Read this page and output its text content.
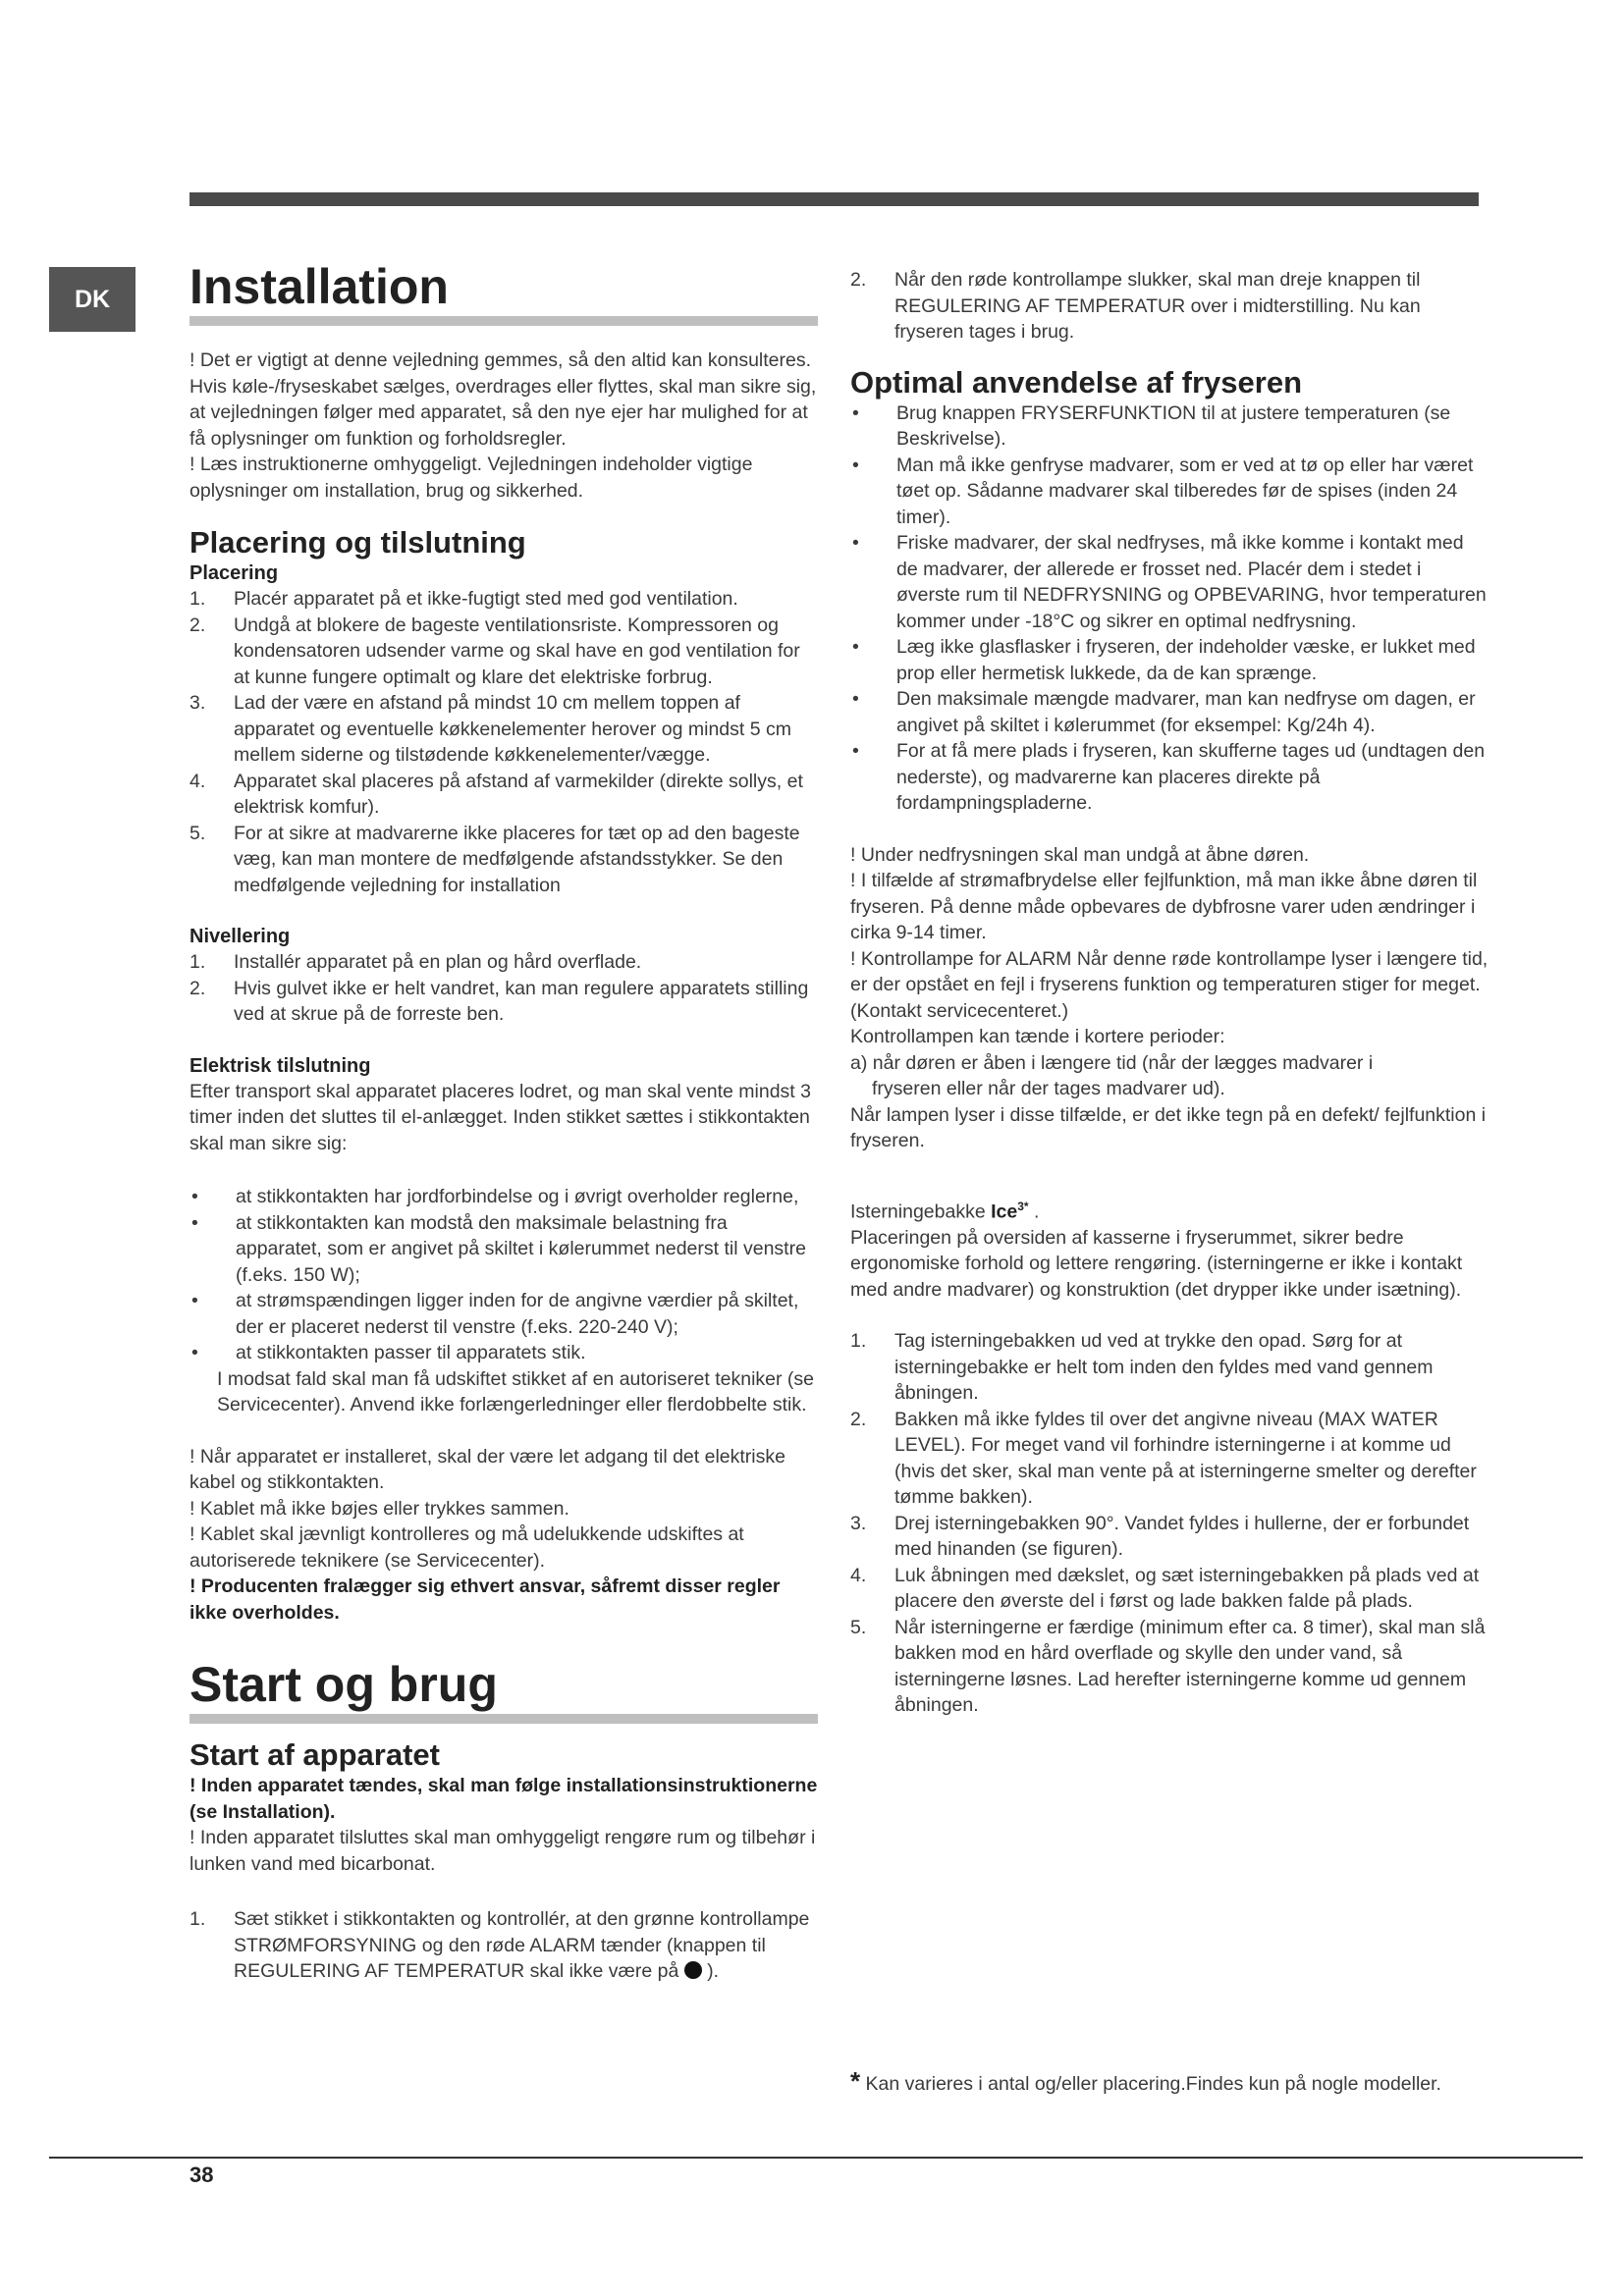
DK	Installation

! Det er vigtigt at denne vejledning gemmes, så den altid kan konsulteres. Hvis køle-/fryseskabet sælges, overdrages eller flyttes, skal man sikre sig, at vejledningen følger med apparatet, så den nye ejer har mulighed for at få oplysninger om funktion og forholdsregler.

! Læs instruktionerne omhyggeligt. Vejledningen indeholder vigtige oplysninger om installation, brug og sikkerhed.

Placering og tilslutning
Placering
1.	Placér apparatet på et ikke-fugtigt sted med god ventilation.
2.	Undgå at blokere de bageste ventilationsriste. Kompressoren og kondensatoren udsender varme og skal have en god ventilation for at kunne fungere optimalt og klare det elektriske forbrug.
3.	Lad der være en afstand på mindst 10 cm mellem toppen af apparatet og eventuelle køkkenelementer herover og mindst 5 cm mellem siderne og tilstødende køkkenelementer/vægge.
4.	Apparatet skal placeres på afstand af varmekilder (direkte sollys, et elektrisk komfur).
5.	For at sikre at madvarerne ikke placeres for tæt op ad den bageste væg, kan man montere de medfølgende afstandsstykker. Se den medfølgende vejledning for installation
Nivellering
1.	Installér apparatet på en plan og hård overflade.
2.	Hvis gulvet ikke er helt vandret, kan man regulere apparatets stilling ved at skrue på de forreste ben.
Elektrisk tilslutning

Efter transport skal apparatet placeres lodret, og man skal vente mindst 3 timer inden det sluttes til el-anlægget. Inden stikket sættes i stikkontakten skal man sikre sig:

•	at stikkontakten har jordforbindelse og i øvrigt overholder reglerne,
•	at stikkontakten kan modstå den maksimale belastning fra apparatet, som er angivet på skiltet i kølerummet nederst til venstre (f.eks. 150 W);
•	at strømspændingen ligger inden for de angivne værdier på skiltet, der er placeret nederst til venstre (f.eks. 220-240 V);
•	at stikkontakten passer til apparatets stik.

I modsat fald skal man få udskiftet stikket af en autoriseret tekniker (se Servicecenter). Anvend ikke forlængerledninger eller flerdobbelte stik.

! Når apparatet er installeret, skal der være let adgang til det elektriske kabel og stikkontakten.

! Kablet må ikke bøjes eller trykkes sammen.

! Kablet skal jævnligt kontrolleres og må udelukkende udskiftes at autoriserede teknikere (se Servicecenter).

! Producenten fralægger sig ethvert ansvar, såfremt disser regler ikke overholdes.

Start og brug
Start af apparatet

! Inden apparatet tændes, skal man følge installationsinstruktionerne (se Installation).

! Inden apparatet tilsluttes skal man omhyggeligt rengøre rum og tilbehør i lunken vand med bicarbonat.

1.	Sæt stikket i stikkontakten og kontrollér, at den grønne kontrollampe STRØMFORSYNING og den røde ALARM tænder (knappen til REGULERING AF TEMPERATUR skal ikke være på ).
2.	Når den røde kontrollampe slukker, skal man dreje knappen til REGULERING AF TEMPERATUR over i midterstilling. Nu kan fryseren tages i brug.
Optimal anvendelse af fryseren
•	Brug knappen FRYSERFUNKTION til at justere temperaturen (se Beskrivelse).
•	Man må ikke genfryse madvarer, som er ved at tø op eller har været tøet op. Sådanne madvarer skal tilberedes før de spises (inden 24 timer).
•	Friske madvarer, der skal nedfryses, må ikke komme i kontakt med de madvarer, der allerede er frosset ned. Placér dem i stedet i øverste rum til NEDFRYSNING og OPBEVARING, hvor temperaturen kommer under -18°C og sikrer en optimal nedfrysning.
•	Læg ikke glasflasker i fryseren, der indeholder væske, er lukket med prop eller hermetisk lukkede, da de kan sprænge.
•	Den maksimale mængde madvarer, man kan nedfryse om dagen, er angivet på skiltet i kølerummet (for eksempel: Kg/24h 4).
•	For at få mere plads i fryseren, kan skufferne tages ud (undtagen den nederste), og madvarerne kan placeres direkte på fordampningspladerne.

! Under nedfrysningen skal man undgå at åbne døren.

! I tilfælde af strømafbrydelse eller fejlfunktion, må man ikke åbne døren til fryseren. På denne måde opbevares de dybfrosne varer uden ændringer i cirka 9-14 timer.

! Kontrollampe for ALARM Når denne røde kontrollampe lyser i længere tid, er der opstået en fejl i fryserens funktion og temperaturen stiger for meget. (Kontakt servicecenteret.)

Kontrollampen kan tænde i kortere perioder:

a) når døren er åben i længere tid (når der lægges madvarer i

fryseren eller når der tages madvarer ud).

Når lampen lyser i disse tilfælde, er det ikke tegn på en defekt/ fejlfunktion i fryseren.

Isterningebakke Ice$^{3*}$ .

Placeringen på oversiden af kasserne i fryserummet, sikrer bedre ergonomiske forhold og lettere rengøring. (isterningerne er ikke i kontakt med andre madvarer) og konstruktion (det drypper ikke under isætning).

1.	Tag isterningebakken ud ved at trykke den opad. Sørg for at isterningebakke er helt tom inden den fyldes med vand gennem åbningen.
2.	Bakken må ikke fyldes til over det angivne niveau (MAX WATER LEVEL). For meget vand vil forhindre isterningerne i at komme ud (hvis det sker, skal man vente på at isterningerne smelter og derefter tømme bakken).
3.	Drej isterningebakken 90°. Vandet fyldes i hullerne, der er forbundet med hinanden (se figuren).
4.	Luk åbningen med dækslet, og sæt isterningebakken på plads ved at placere den øverste del i først og lade bakken falde på plads.
5.	Når isterningerne er færdige (minimum efter ca. 8 timer), skal man slå bakken mod en hård overflade og skylle den under vand, så isterningerne løsnes. Lad herefter isterningerne komme ud gennem åbningen.
* Kan varieres i antal og/eller placering.Findes kun på nogle modeller.
38
